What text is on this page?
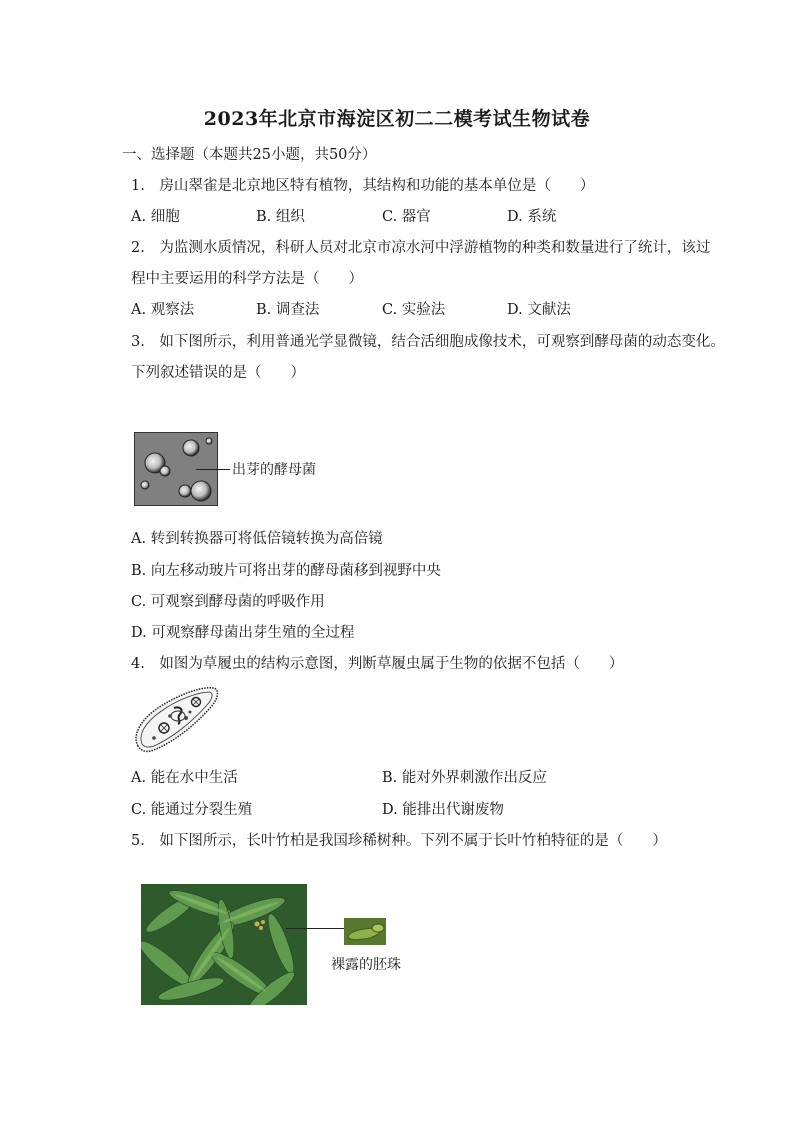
2023年北京市海淀区初二二模考试生物试卷
一、选择题（本题共25小题，共50分）
1.　房山翠雀是北京地区特有植物，其结构和功能的基本单位是（　　）
A. 细胞	B. 组织	C. 器官	D. 系统
2.　为监测水质情况，科研人员对北京市凉水河中浮游植物的种类和数量进行了统计，该过
程中主要运用的科学方法是（　　）
A. 观察法	B. 调查法	C. 实验法	D. 文献法
3.　如下图所示，利用普通光学显微镜，结合活细胞成像技术，可观察到酵母菌的动态变化。
下列叙述错误的是（　　）
出芽的酵母菌
A. 转到转换器可将低倍镜转换为高倍镜
B. 向左移动玻片可将出芽的酵母菌移到视野中央
C. 可观察到酵母菌的呼吸作用
D. 可观察酵母菌出芽生殖的全过程
4.　如图为草履虫的结构示意图，判断草履虫属于生物的依据不包括（　　）
A. 能在水中生活	B. 能对外界刺激作出反应
C. 能通过分裂生殖	D. 能排出代谢废物
5.　如下图所示，长叶竹柏是我国珍稀树种。下列不属于长叶竹柏特征的是（　　）
裸露的胚珠
